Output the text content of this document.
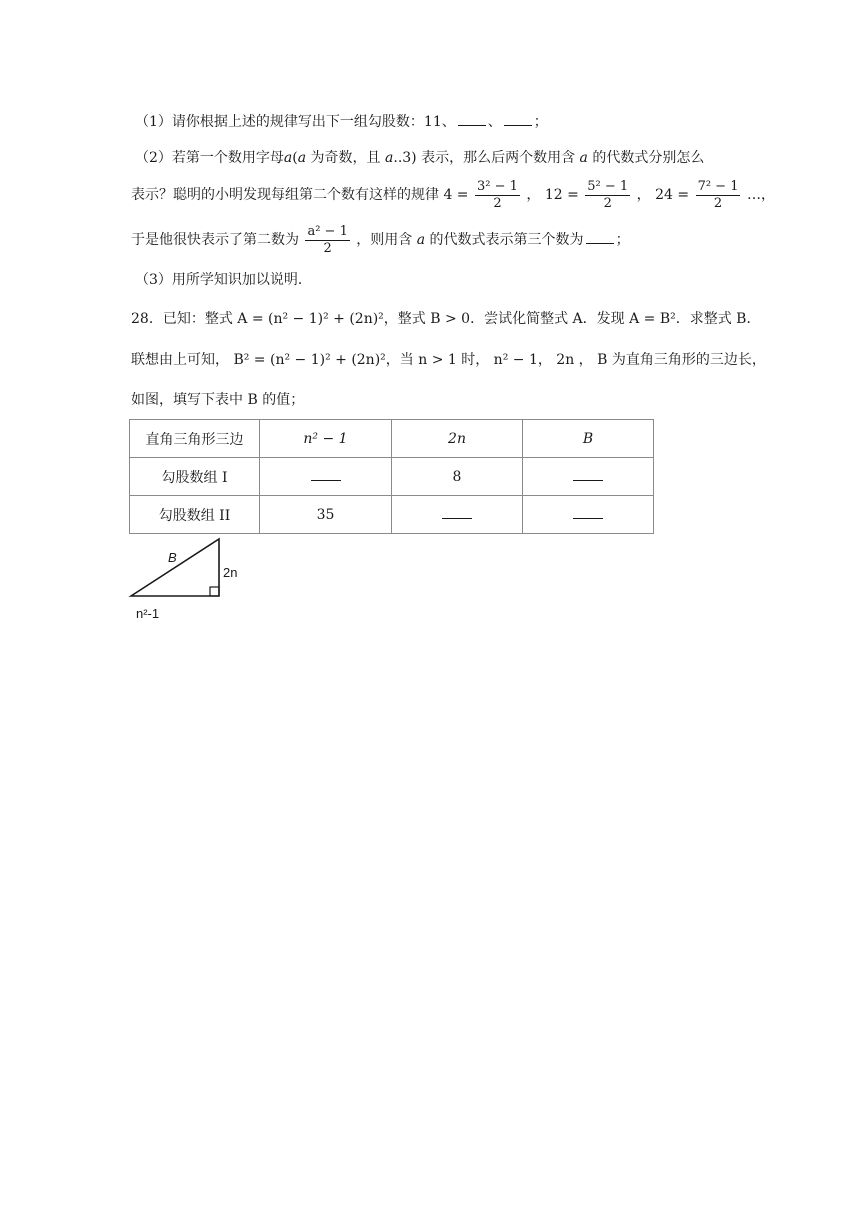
（1）请你根据上述的规律写出下一组勾股数：11、 、 ；
（2）若第一个数用字母a(a 为奇数，且 a..3) 表示，那么后两个数用含 a 的代数式分别怎么
表示？聪明的小明发现每组第二个数有这样的规律 $4 = \frac{\text{3² − 1}}{2}$ ， $12 = \frac{\text{5² − 1}}{2}$ ， $24 = \frac{\text{7² − 1}}{2}$ …，
于是他很快表示了第二数为 $\frac{\text{a² − 1}}{2}$ ，则用含 a 的代数式表示第三个数为 ；
（3）用所学知识加以说明．
28．已知：整式 A = (n² − 1)² + (2n)²，整式 B > 0．尝试化简整式 A．发现 A = B²．求整式 B．
联想由上可知， B² = (n² − 1)² + (2n)²，当 n > 1 时， n² − 1， 2n ， B 为直角三角形的三边长，
如图，填写下表中 B 的值；
直角三角形三边	n² − 1	2n	B
勾股数组 I		8	
勾股数组 II	35		
B
2n
n²-1
